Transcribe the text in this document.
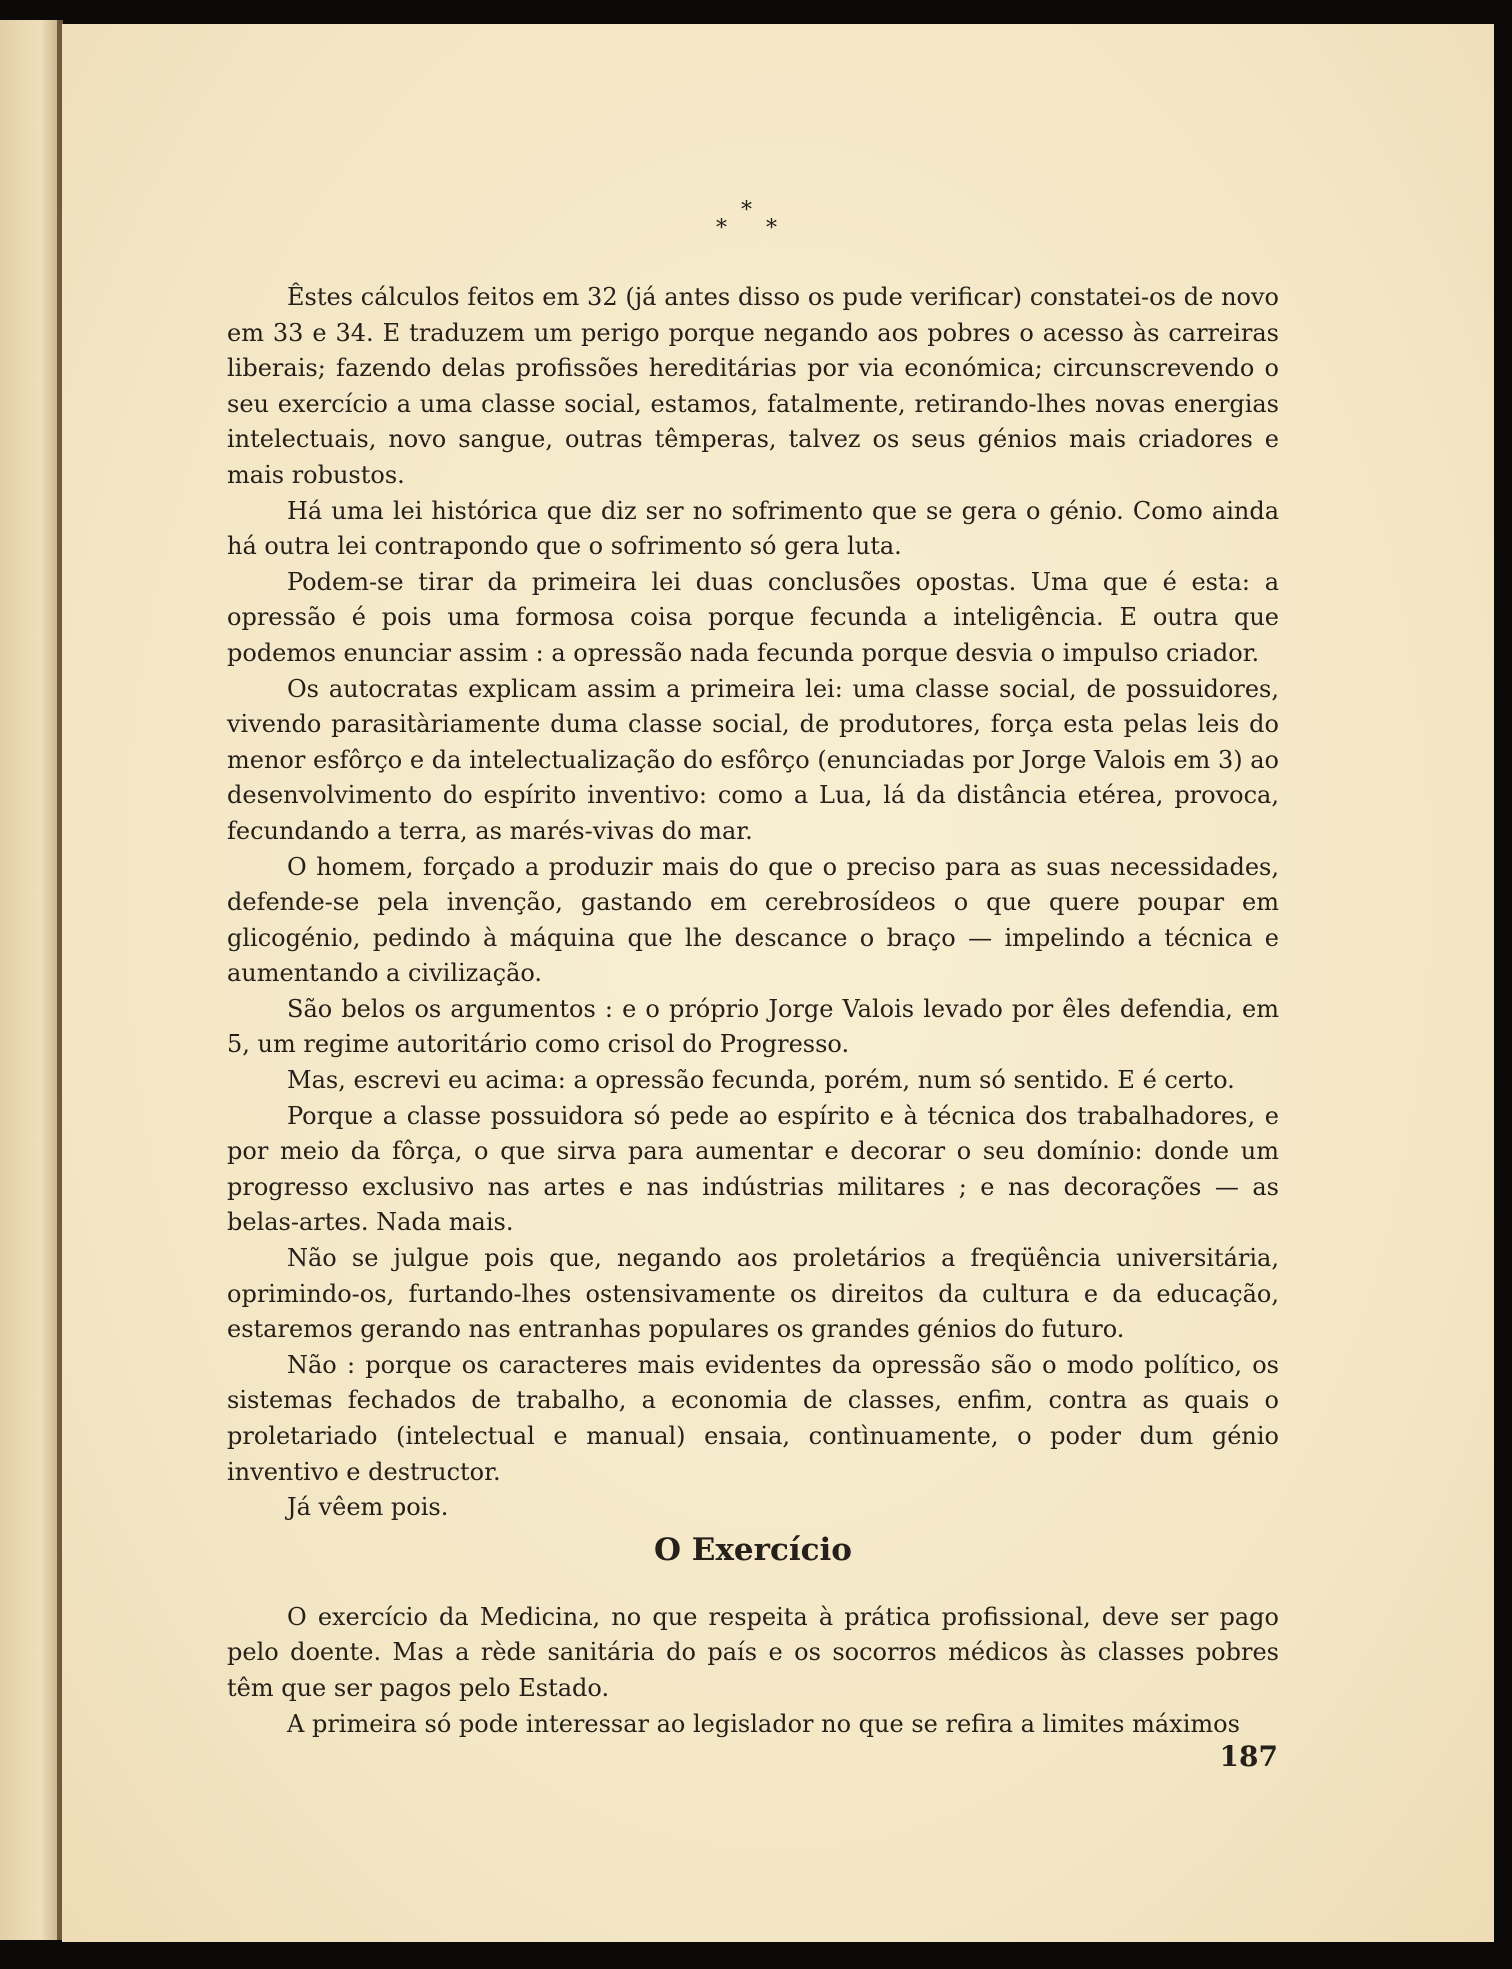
*
* *

Êstes cálculos feitos em 32 (já antes disso os pude verificar) constatei-os de novo em 33 e 34. E traduzem um perigo porque negando aos pobres o acesso às carreiras liberais; fazendo delas profissões hereditárias por via económica; circunscrevendo o seu exercício a uma classe social, estamos, fatalmente, retirando-lhes novas energias intelectuais, novo sangue, outras têmperas, talvez os seus génios mais criadores e mais robustos.

Há uma lei histórica que diz ser no sofrimento que se gera o génio. Como ainda há outra lei contrapondo que o sofrimento só gera luta.

Podem-se tirar da primeira lei duas conclusões opostas. Uma que é esta: a opressão é pois uma formosa coisa porque fecunda a inteligência. E outra que podemos enunciar assim : a opressão nada fecunda porque desvia o impulso criador.

Os autocratas explicam assim a primeira lei: uma classe social, de possuidores, vivendo parasitàriamente duma classe social, de produtores, força esta pelas leis do menor esfôrço e da intelectualização do esfôrço (enunciadas por Jorge Valois em 3) ao desenvolvimento do espírito inventivo: como a Lua, lá da distância etérea, provoca, fecundando a terra, as marés-vivas do mar.

O homem, forçado a produzir mais do que o preciso para as suas necessidades, defende-se pela invenção, gastando em cerebrosídeos o que quere poupar em glicogénio, pedindo à máquina que lhe descance o braço — impelindo a técnica e aumentando a civilização.

São belos os argumentos : e o próprio Jorge Valois levado por êles defendia, em 5, um regime autoritário como crisol do Progresso.

Mas, escrevi eu acima: a opressão fecunda, porém, num só sentido. E é certo.

Porque a classe possuidora só pede ao espírito e à técnica dos trabalhadores, e por meio da fôrça, o que sirva para aumentar e decorar o seu domínio: donde um progresso exclusivo nas artes e nas indústrias militares ; e nas decorações — as belas-artes. Nada mais.

Não se julgue pois que, negando aos proletários a freqüência universitária, oprimindo-os, furtando-lhes ostensivamente os direitos da cultura e da educação, estaremos gerando nas entranhas populares os grandes génios do futuro.

Não : porque os caracteres mais evidentes da opressão são o modo político, os sistemas fechados de trabalho, a economia de classes, enfim, contra as quais o proletariado (intelectual e manual) ensaia, contìnuamente, o poder dum génio inventivo e destructor.

Já vêem pois.

O Exercício

O exercício da Medicina, no que respeita à prática profissional, deve ser pago pelo doente. Mas a rède sanitária do país e os socorros médicos às classes pobres têm que ser pagos pelo Estado.

A primeira só pode interessar ao legislador no que se refira a limites máximos

187
